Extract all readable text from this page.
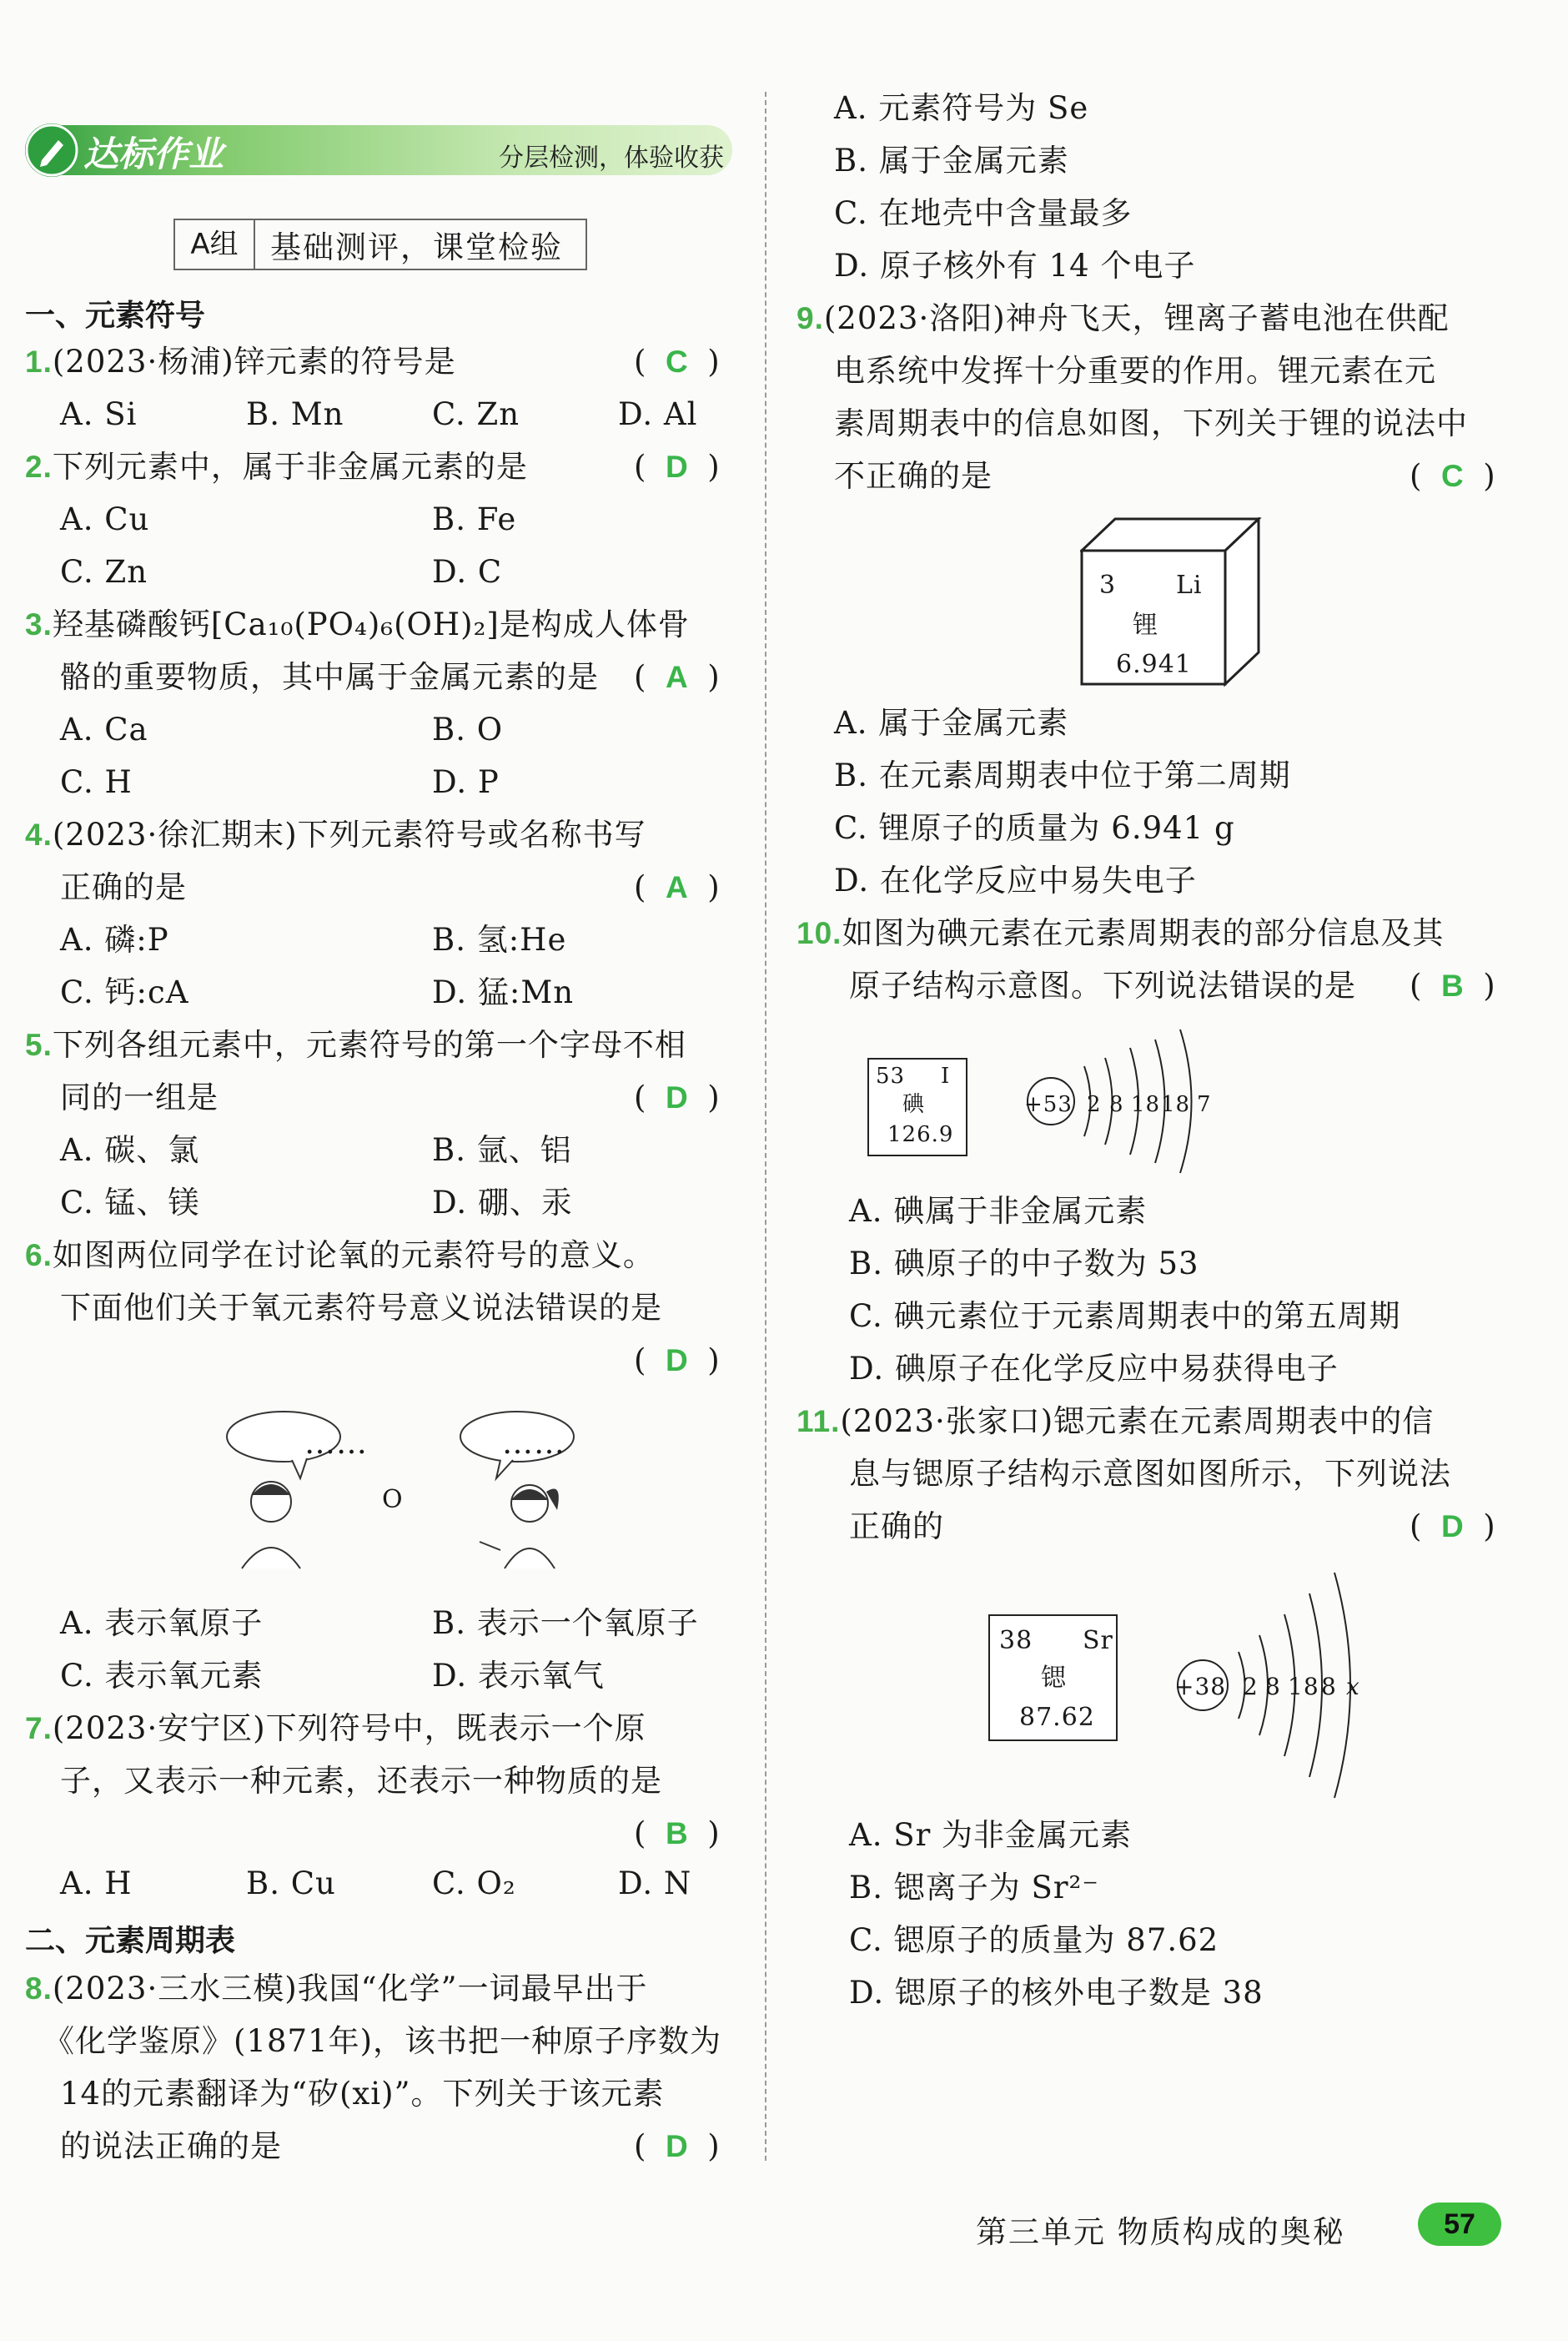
达标作业	分层检测，体验收获
A组	基础测评，课堂检验
一、元素符号
1.(2023·杨浦)锌元素的符号是	(  C  )
A. Si	B. Mn	C. Zn	D. Al
2.下列元素中，属于非金属元素的是	(  D  )
A. Cu	B. Fe
C. Zn	D. C
3.羟基磷酸钙[Ca₁₀(PO₄)₆(OH)₂]是构成人体骨
骼的重要物质，其中属于金属元素的是 (  A  )
A. Ca	B. O
C. H	D. P
4.(2023·徐汇期末)下列元素符号或名称书写
正确的是	(  A  )
A. 磷:P	B. 氢:He
C. 钙:cA	D. 猛:Mn
5.下列各组元素中，元素符号的第一个字母不相
同的一组是	(  D  )
A. 碳、氯	B. 氩、铝
C. 锰、镁	D. 硼、汞
6.如图两位同学在讨论氧的元素符号的意义。
下面他们关于氧元素符号意义说法错误的是
(  D  )
……	……
O
A. 表示氧原子	B. 表示一个氧原子
C. 表示氧元素	D. 表示氧气
7.(2023·安宁区)下列符号中，既表示一个原
子，又表示一种元素，还表示一种物质的是
(  B  )
A. H	B. Cu	C. O₂	D. N
二、元素周期表
8.(2023·三水三模)我国“化学”一词最早出于
《化学鉴原》(1871年)，该书把一种原子序数为
14的元素翻译为“矽(xi)”。下列关于该元素
的说法正确的是	(  D  )
A. 元素符号为 Se
B. 属于金属元素
C. 在地壳中含量最多
D. 原子核外有 14 个电子
9.(2023·洛阳)神舟飞天，锂离子蓄电池在供配
电系统中发挥十分重要的作用。锂元素在元
素周期表中的信息如图，下列关于锂的说法中
不正确的是	(  C  )
3 Li
锂
6.941
A. 属于金属元素
B. 在元素周期表中位于第二周期
C. 锂原子的质量为 6.941 g
D. 在化学反应中易失电子
10.如图为碘元素在元素周期表的部分信息及其
原子结构示意图。下列说法错误的是 (  B  )
53 I
碘
126.9
+53 2 8 18 18 7
A. 碘属于非金属元素
B. 碘原子的中子数为 53
C. 碘元素位于元素周期表中的第五周期
D. 碘原子在化学反应中易获得电子
11.(2023·张家口)锶元素在元素周期表中的信
息与锶原子结构示意图如图所示，下列说法
正确的	(  D  )
38 Sr
锶
87.62
+38 2 8 18 8 x
A. Sr 为非金属元素
B. 锶离子为 Sr²⁻
C. 锶原子的质量为 87.62
D. 锶原子的核外电子数是 38
第三单元 物质构成的奥秘	57
